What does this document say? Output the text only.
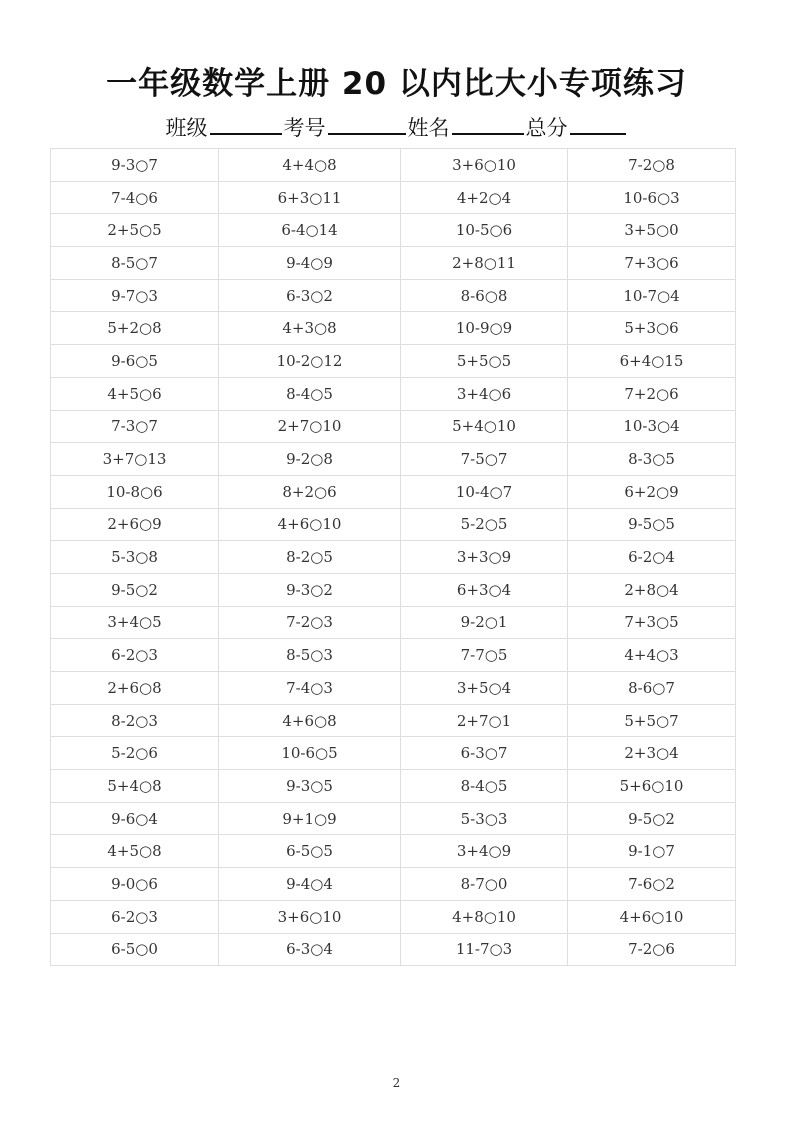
一年级数学上册 20 以内比大小专项练习
班级	考号	姓名	总分
9-3○7	4+4○8	3+6○10	7-2○8
7-4○6	6+3○11	4+2○4	10-6○3
2+5○5	6-4○14	10-5○6	3+5○0
8-5○7	9-4○9	2+8○11	7+3○6
9-7○3	6-3○2	8-6○8	10-7○4
5+2○8	4+3○8	10-9○9	5+3○6
9-6○5	10-2○12	5+5○5	6+4○15
4+5○6	8-4○5	3+4○6	7+2○6
7-3○7	2+7○10	5+4○10	10-3○4
3+7○13	9-2○8	7-5○7	8-3○5
10-8○6	8+2○6	10-4○7	6+2○9
2+6○9	4+6○10	5-2○5	9-5○5
5-3○8	8-2○5	3+3○9	6-2○4
9-5○2	9-3○2	6+3○4	2+8○4
3+4○5	7-2○3	9-2○1	7+3○5
6-2○3	8-5○3	7-7○5	4+4○3
2+6○8	7-4○3	3+5○4	8-6○7
8-2○3	4+6○8	2+7○1	5+5○7
5-2○6	10-6○5	6-3○7	2+3○4
5+4○8	9-3○5	8-4○5	5+6○10
9-6○4	9+1○9	5-3○3	9-5○2
4+5○8	6-5○5	3+4○9	9-1○7
9-0○6	9-4○4	8-7○0	7-6○2
6-2○3	3+6○10	4+8○10	4+6○10
6-5○0	6-3○4	11-7○3	7-2○6
2
